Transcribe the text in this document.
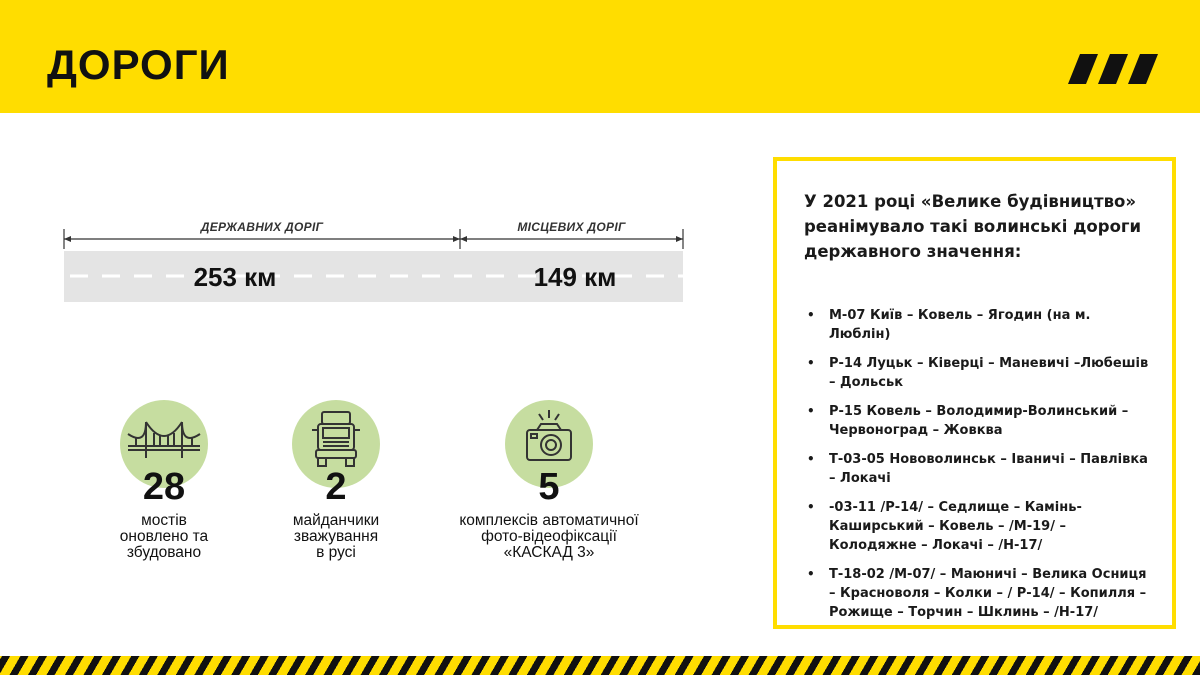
ДОРОГИ
ДЕРЖАВНИХ ДОРІГ	МІСЦЕВИХ ДОРІГ
253 км	149 км
28
мостів
оновлено та
збудовано
2
майданчики
зважування
в русі
5
комплексів автоматичної
фото-відеофіксації
«КАСКАД 3»
У 2021 році «Велике будівництво» реанімувало такі волинські дороги державного значення:
• М-07 Київ – Ковель – Ягодин (на м. Люблін)
• Р-14 Луцьк – Ківерці – Маневичі –Любешів – Дольськ
• Р-15 Ковель – Володимир-Волинський – Червоноград – Жовква
• Т-03-05 Нововолинськ – Іваничі – Павлівка – Локачі
• -03-11 /Р-14/ – Седлище – Камінь-Каширський – Ковель – /М-19/ – Колодяжне – Локачі – /Н-17/
• Т-18-02 /М-07/ – Маюничі – Велика Осниця – Красноволя – Колки – / Р-14/ – Копилля – Рожище – Торчин – Шклинь – /Н-17/
